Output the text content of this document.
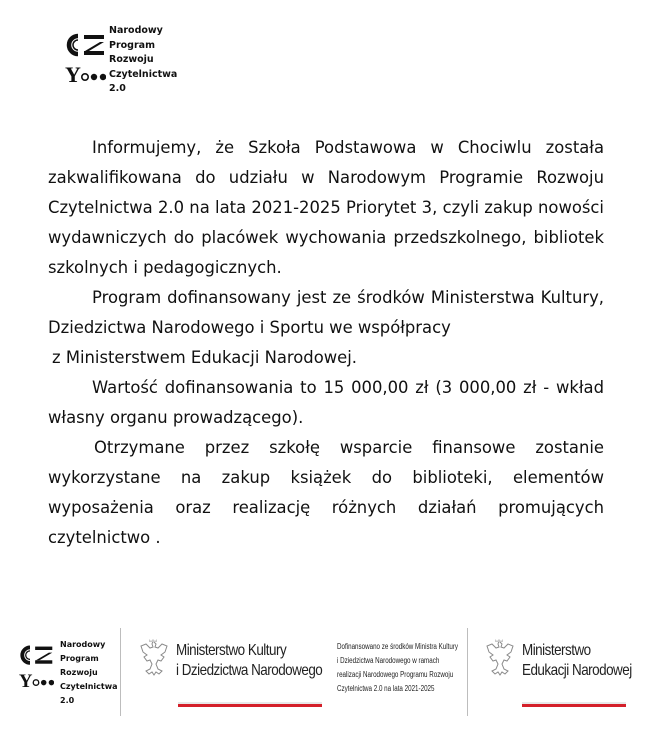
Y
Narodowy
Program
Rozwoju
Czytelnictwa
2.0

Informujemy, że Szkoła Podstawowa w Chociwlu została zakwalifikowana do udziału w Narodowym Programie Rozwoju Czytelnictwa 2.0 na lata 2021-2025 Priorytet 3, czyli zakup nowości wydawniczych do placówek wychowania przedszkolnego, bibliotek szkolnych i pedagogicznych.

Program dofinansowany jest ze środków Ministerstwa Kultury, Dziedzictwa Narodowego i Sportu we współpracy

z Ministerstwem Edukacji Narodowej.

Wartość dofinansowania to 15 000,00 zł (3 000,00 zł - wkład własny organu prowadzącego).

Otrzymane przez szkołę wsparcie finansowe zostanie wykorzystane na zakup książek do biblioteki, elementów wyposażenia oraz realizację różnych działań promujących czytelnictwo .

Y
Narodowy
Program
Rozwoju
Czytelnictwa
2.0
Ministerstwo Kultury
i Dziedzictwa Narodowego
Dofinansowano ze środków Ministra Kultury
i Dziedzictwa Narodowego w ramach
realizacji Narodowego Programu Rozwoju
Czytelnictwa 2.0 na lata 2021-2025
Ministerstwo
Edukacji Narodowej
